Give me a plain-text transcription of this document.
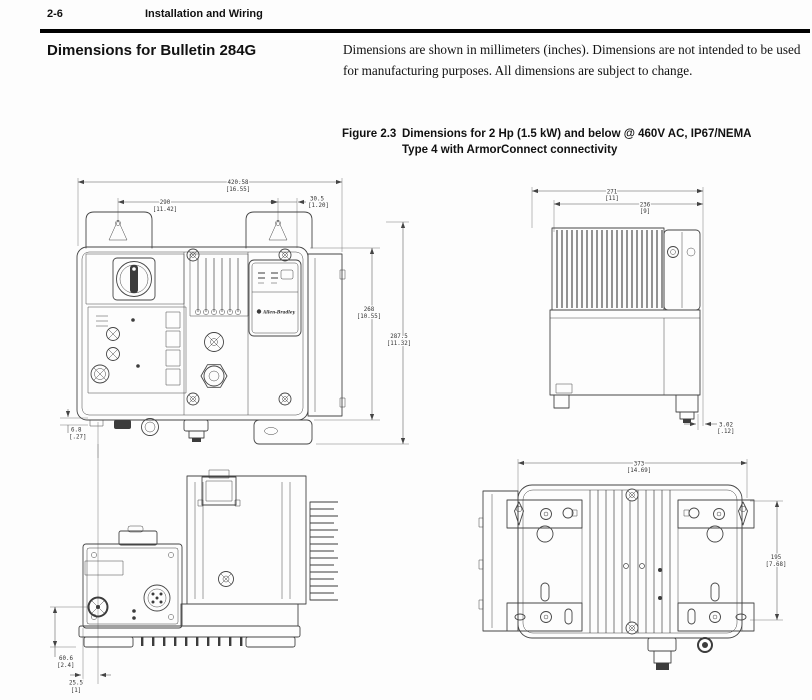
2-6	Installation and Wiring
Dimensions for Bulletin 284G	Dimensions are shown in millimeters (inches). Dimensions are not intended to be used for manufacturing purposes. All dimensions are subject to change.

Figure 2.3 Dimensions for 2 Hp (1.5 kW) and below @ 460V AC, IP67/NEMA
Type 4 with ArmorConnect connectivity
420.58
[16.55]
290
[11.42]
30.5
[1.20]
268
[10.55]
287.5
[11.32]
6.8
[.27]
Allen-Bradley
271
[11]
236
[9]
3.02
[.12]
60.6
[2.4]
25.5
[1]
373
[14.69]
195
[7.68]
